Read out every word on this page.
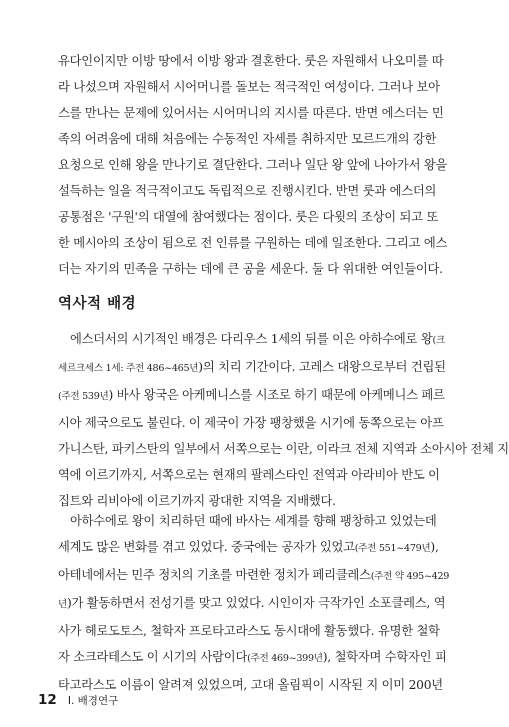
유다인이지만 이방 땅에서 이방 왕과 결혼한다. 룻은 자원해서 나오미를 따
라 나섰으며 자원해서 시어머니를 돌보는 적극적인 여성이다. 그러나 보아
스를 만나는 문제에 있어서는 시어머니의 지시를 따른다. 반면 에스더는 민
족의 어려움에 대해 처음에는 수동적인 자세를 취하지만 모르드개의 강한
요청으로 인해 왕을 만나기로 결단한다. 그러나 일단 왕 앞에 나아가서 왕을
설득하는 일을 적극적이고도 독립적으로 진행시킨다. 반면 룻과 에스더의
공통점은 '구원'의 대열에 참여했다는 점이다. 룻은 다윗의 조상이 되고 또
한 메시아의 조상이 됨으로 전 인류를 구원하는 데에 일조한다. 그리고 에스
더는 자기의 민족을 구하는 데에 큰 공을 세운다. 둘 다 위대한 여인들이다.
역사적 배경
에스더서의 시기적인 배경은 다리우스 1세의 뒤를 이은 아하수에로 왕(크
세르크세스 1세: 주전 486~465년)의 치리 기간이다. 고레스 대왕으로부터 건립된
(주전 539년) 바사 왕국은 아케메니스를 시조로 하기 때문에 아케메니스 페르
시아 제국으로도 불린다. 이 제국이 가장 팽창했을 시기에 동쪽으로는 아프
가니스탄, 파키스탄의 일부에서 서쪽으로는 이란, 이라크 전체 지역과 소아시아 전체 지
역에 이르기까지, 서쪽으로는 현재의 팔레스타인 전역과 아라비아 반도 이
집트와 리비아에 이르기까지 광대한 지역을 지배했다.
아하수에로 왕이 치리하던 때에 바사는 세계를 향해 팽창하고 있었는데
세계도 많은 변화를 겪고 있었다. 중국에는 공자가 있었고(주전 551~479년),
아테네에서는 민주 정치의 기초를 마련한 정치가 페리클레스(주전 약 495~429
년)가 활동하면서 전성기를 맞고 있었다. 시인이자 극작가인 소포클레스, 역
사가 헤로도토스, 철학자 프로타고라스도 동시대에 활동했다. 유명한 철학
자 소크라테스도 이 시기의 사람이다(주전 469~399년), 철학자며 수학자인 피
타고라스도 이름이 알려져 있었으며, 고대 올림픽이 시작된 지 이미 200년
12 I. 배경연구
